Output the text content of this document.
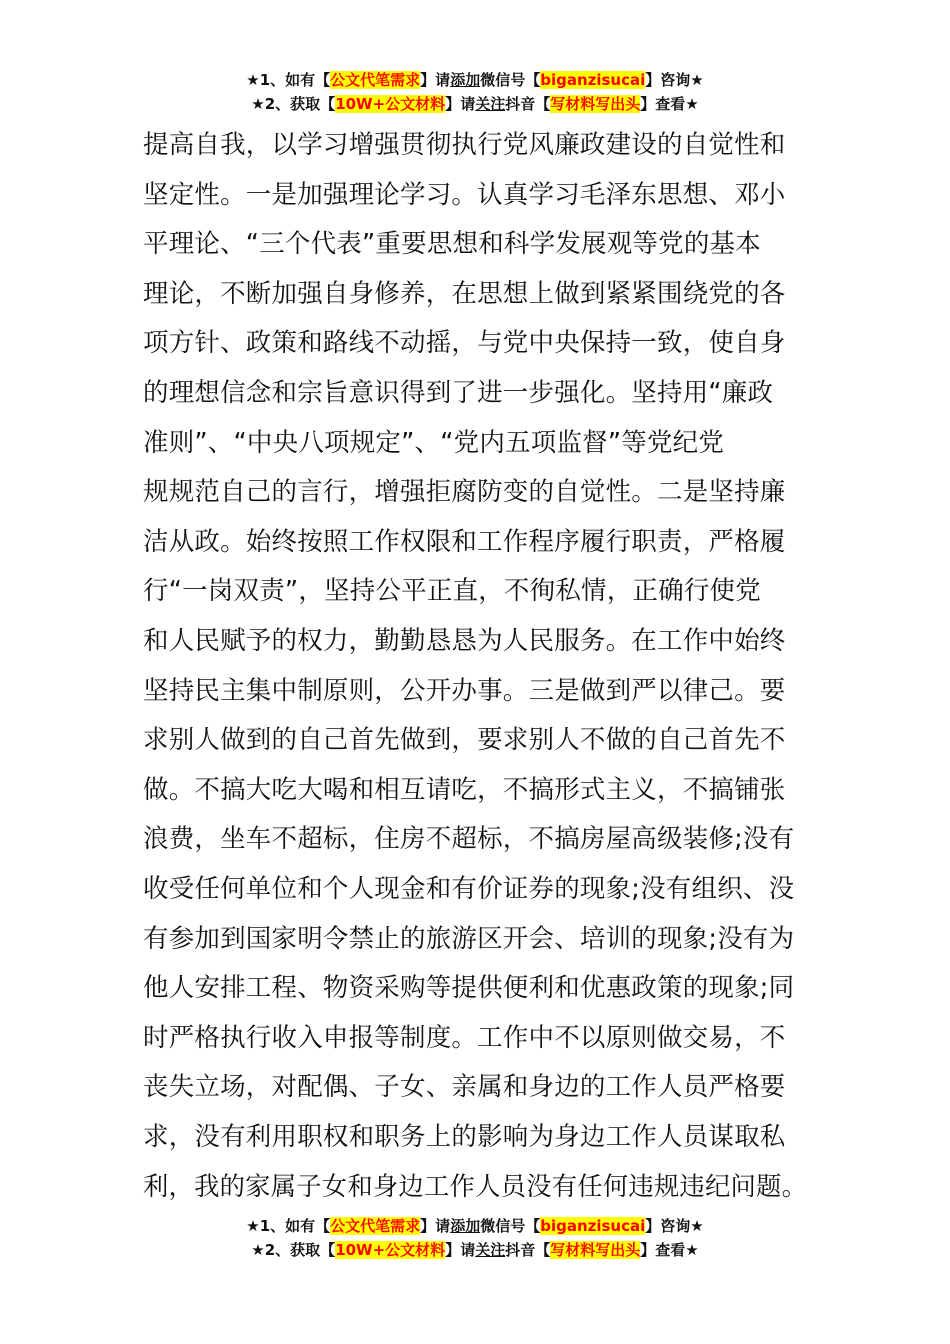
★1、如有【公文代笔需求】请添加微信号【biganzisucai】咨询★
★2、获取【10W+公文材料】请关注抖音【写材料写出头】查看★
提高自我，以学习增强贯彻执行党风廉政建设的自觉性和
坚定性。一是加强理论学习。认真学习毛泽东思想、邓小
平理论、“三个代表”重要思想和科学发展观等党的基本
理论，不断加强自身修养，在思想上做到紧紧围绕党的各
项方针、政策和路线不动摇，与党中央保持一致，使自身
的理想信念和宗旨意识得到了进一步强化。坚持用“廉政
准则”、“中央八项规定”、“党内五项监督”等党纪党
规规范自己的言行，增强拒腐防变的自觉性。二是坚持廉
洁从政。始终按照工作权限和工作程序履行职责，严格履
行“一岗双责”，坚持公平正直，不徇私情，正确行使党
和人民赋予的权力，勤勤恳恳为人民服务。在工作中始终
坚持民主集中制原则，公开办事。三是做到严以律己。要
求别人做到的自己首先做到，要求别人不做的自己首先不
做。不搞大吃大喝和相互请吃，不搞形式主义，不搞铺张
浪费，坐车不超标，住房不超标，不搞房屋高级装修;没有
收受任何单位和个人现金和有价证券的现象;没有组织、没
有参加到国家明令禁止的旅游区开会、培训的现象;没有为
他人安排工程、物资采购等提供便利和优惠政策的现象;同
时严格执行收入申报等制度。工作中不以原则做交易，不
丧失立场，对配偶、子女、亲属和身边的工作人员严格要
求，没有利用职权和职务上的影响为身边工作人员谋取私
利，我的家属子女和身边工作人员没有任何违规违纪问题。
★1、如有【公文代笔需求】请添加微信号【biganzisucai】咨询★
★2、获取【10W+公文材料】请关注抖音【写材料写出头】查看★
